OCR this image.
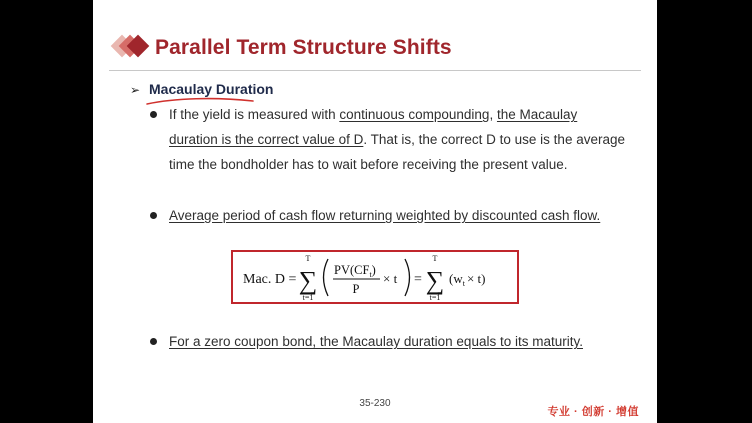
Parallel Term Structure Shifts
➢ Macaulay Duration
If the yield is measured with continuous compounding, the Macaulay duration is the correct value of D. That is, the correct D to use is the average time the bondholder has to wait before receiving the present value.
Average period of cash flow returning weighted by discounted cash flow.
Mac. D =
T
∑
t=1
$PV(CF_t)$
P
× t =
T
∑
t=1
$(w_t \times t)$
For a zero coupon bond, the Macaulay duration equals to its maturity.
35-230
专业 · 创新 · 增值
